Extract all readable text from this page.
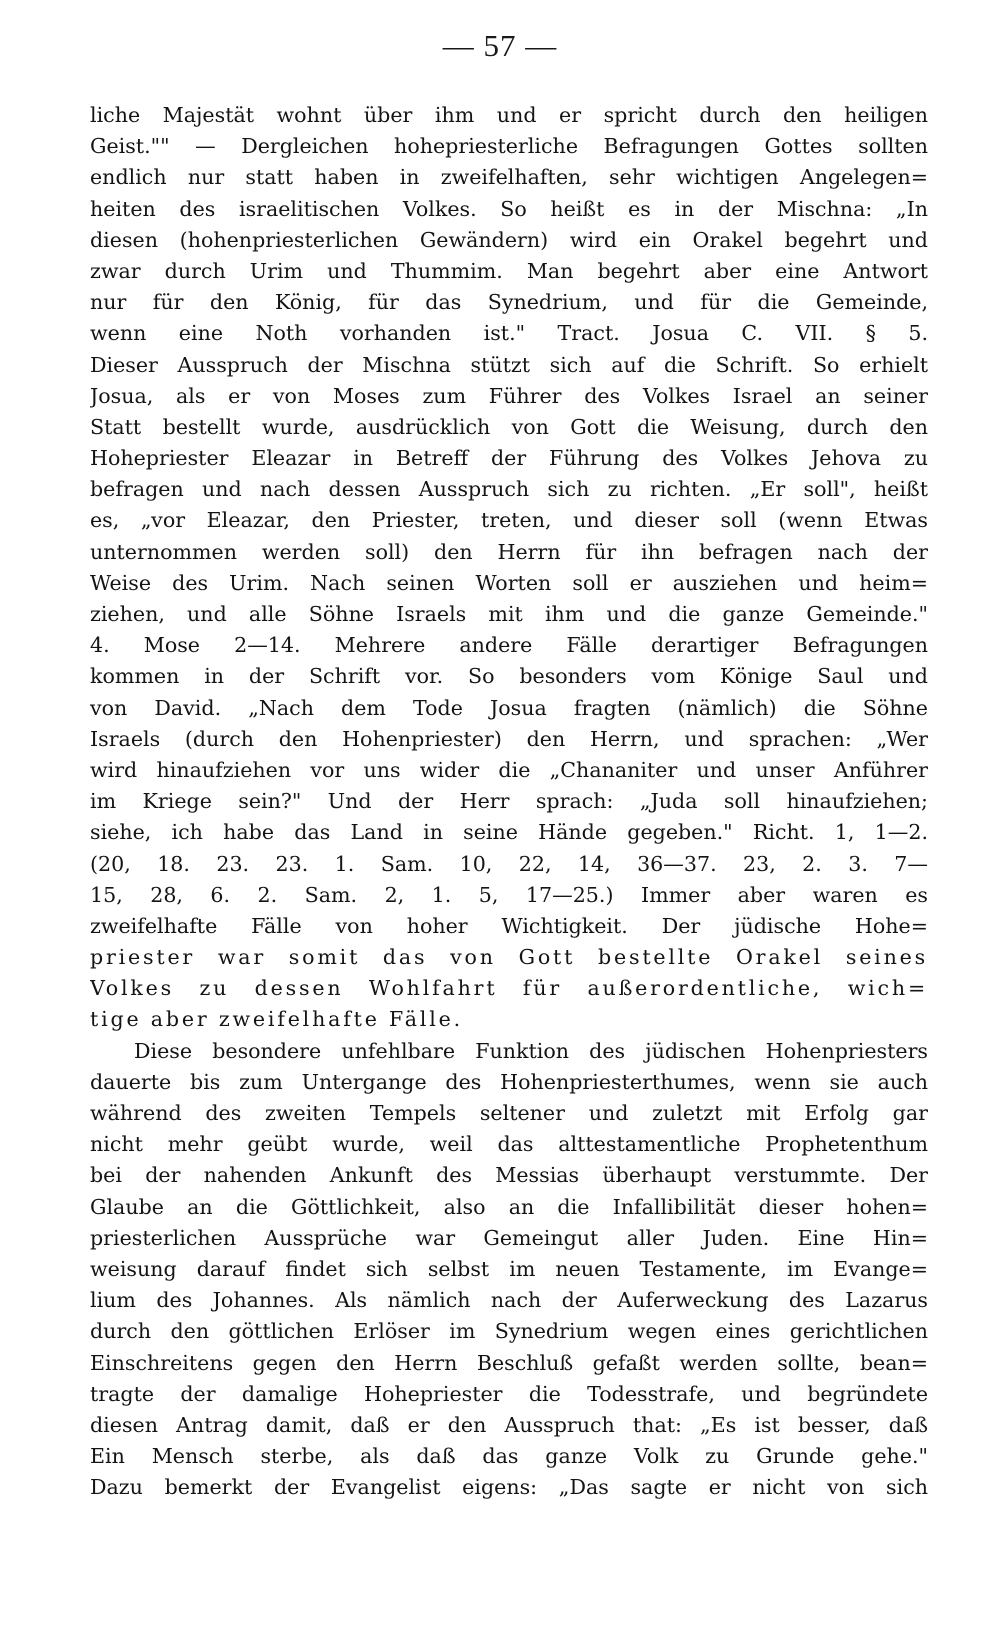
— 57 —
liche Majestät wohnt über ihm und er spricht durch den heiligen
Geist."" — Dergleichen hohepriesterliche Befragungen Gottes sollten
endlich nur statt haben in zweifelhaften, sehr wichtigen Angelegen=
heiten des israelitischen Volkes. So heißt es in der Mischna: „In
diesen (hohenpriesterlichen Gewändern) wird ein Orakel begehrt und
zwar durch Urim und Thummim. Man begehrt aber eine Antwort
nur für den König, für das Synedrium, und für die Gemeinde,
wenn eine Noth vorhanden ist." Tract. Josua C. VII. § 5.
Dieser Ausspruch der Mischna stützt sich auf die Schrift. So erhielt
Josua, als er von Moses zum Führer des Volkes Israel an seiner
Statt bestellt wurde, ausdrücklich von Gott die Weisung, durch den
Hohepriester Eleazar in Betreff der Führung des Volkes Jehova zu
befragen und nach dessen Ausspruch sich zu richten. „Er soll", heißt
es, „vor Eleazar, den Priester, treten, und dieser soll (wenn Etwas
unternommen werden soll) den Herrn für ihn befragen nach der
Weise des Urim. Nach seinen Worten soll er ausziehen und heim=
ziehen, und alle Söhne Israels mit ihm und die ganze Gemeinde."
4. Mose 2—14. Mehrere andere Fälle derartiger Befragungen
kommen in der Schrift vor. So besonders vom Könige Saul und
von David. „Nach dem Tode Josua fragten (nämlich) die Söhne
Israels (durch den Hohenpriester) den Herrn, und sprachen: „Wer
wird hinaufziehen vor uns wider die „Chananiter und unser Anführer
im Kriege sein?" Und der Herr sprach: „Juda soll hinaufziehen;
siehe, ich habe das Land in seine Hände gegeben." Richt. 1, 1—2.
(20, 18. 23. 23. 1. Sam. 10, 22, 14, 36—37. 23, 2. 3. 7—
15, 28, 6. 2. Sam. 2, 1. 5, 17—25.) Immer aber waren es
zweifelhafte Fälle von hoher Wichtigkeit. Der jüdische Hohe=
priester war somit das von Gott bestellte Orakel seines
Volkes zu dessen Wohlfahrt für außerordentliche, wich=
tige aber zweifelhafte Fälle.
Diese besondere unfehlbare Funktion des jüdischen Hohenpriesters
dauerte bis zum Untergange des Hohenpriesterthumes, wenn sie auch
während des zweiten Tempels seltener und zuletzt mit Erfolg gar
nicht mehr geübt wurde, weil das alttestamentliche Prophetenthum
bei der nahenden Ankunft des Messias überhaupt verstummte. Der
Glaube an die Göttlichkeit, also an die Infallibilität dieser hohen=
priesterlichen Aussprüche war Gemeingut aller Juden. Eine Hin=
weisung darauf findet sich selbst im neuen Testamente, im Evange=
lium des Johannes. Als nämlich nach der Auferweckung des Lazarus
durch den göttlichen Erlöser im Synedrium wegen eines gerichtlichen
Einschreitens gegen den Herrn Beschluß gefaßt werden sollte, bean=
tragte der damalige Hohepriester die Todesstrafe, und begründete
diesen Antrag damit, daß er den Ausspruch that: „Es ist besser, daß
Ein Mensch sterbe, als daß das ganze Volk zu Grunde gehe."
Dazu bemerkt der Evangelist eigens: „Das sagte er nicht von sich
